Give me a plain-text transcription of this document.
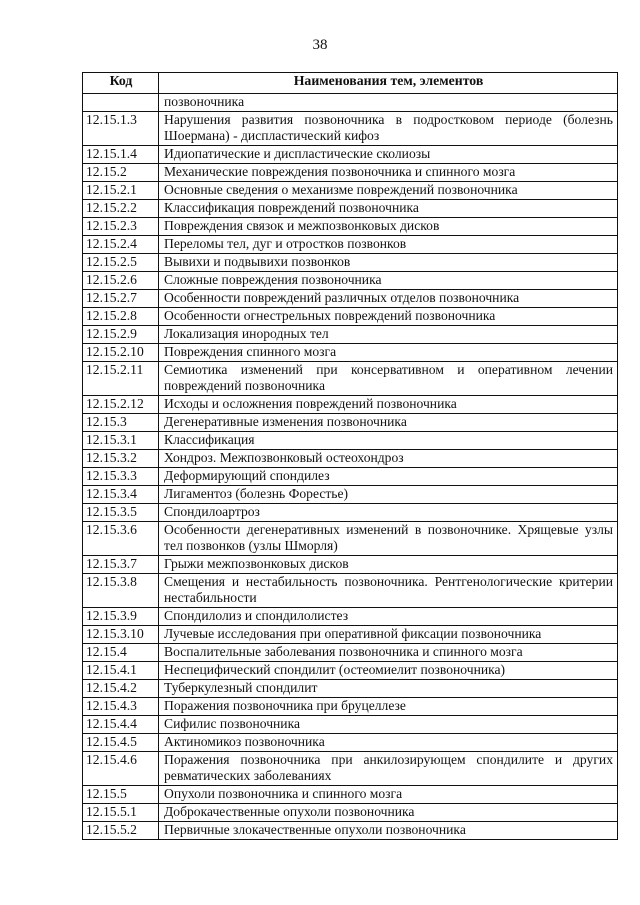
38
Код	Наименования тем, элементов
	позвоночника
12.15.1.3	Нарушения развития позвоночника в подростковом периоде (болезнь Шоермана) - диспластический кифоз
12.15.1.4	Идиопатические и диспластические сколиозы
12.15.2	Механические повреждения позвоночника и спинного мозга
12.15.2.1	Основные сведения о механизме повреждений позвоночника
12.15.2.2	Классификация повреждений позвоночника
12.15.2.3	Повреждения связок и межпозвонковых дисков
12.15.2.4	Переломы тел, дуг и отростков позвонков
12.15.2.5	Вывихи и подвывихи позвонков
12.15.2.6	Сложные повреждения позвоночника
12.15.2.7	Особенности повреждений различных отделов позвоночника
12.15.2.8	Особенности огнестрельных повреждений позвоночника
12.15.2.9	Локализация инородных тел
12.15.2.10	Повреждения спинного мозга
12.15.2.11	Семиотика изменений при консервативном и оперативном лечении повреждений позвоночника
12.15.2.12	Исходы и осложнения повреждений позвоночника
12.15.3	Дегенеративные изменения позвоночника
12.15.3.1	Классификация
12.15.3.2	Хондроз. Межпозвонковый остеохондроз
12.15.3.3	Деформирующий спондилез
12.15.3.4	Лигаментоз (болезнь Форестье)
12.15.3.5	Спондилоартроз
12.15.3.6	Особенности дегенеративных изменений в позвоночнике. Хрящевые узлы тел позвонков (узлы Шморля)
12.15.3.7	Грыжи межпозвонковых дисков
12.15.3.8	Смещения и нестабильность позвоночника. Рентгенологические критерии нестабильности
12.15.3.9	Спондилолиз и спондилолистез
12.15.3.10	Лучевые исследования при оперативной фиксации позвоночника
12.15.4	Воспалительные заболевания позвоночника и спинного мозга
12.15.4.1	Неспецифический спондилит (остеомиелит позвоночника)
12.15.4.2	Туберкулезный спондилит
12.15.4.3	Поражения позвоночника при бруцеллезе
12.15.4.4	Сифилис позвоночника
12.15.4.5	Актиномикоз позвоночника
12.15.4.6	Поражения позвоночника при анкилозирующем спондилите и других ревматических заболеваниях
12.15.5	Опухоли позвоночника и спинного мозга
12.15.5.1	Доброкачественные опухоли позвоночника
12.15.5.2	Первичные злокачественные опухоли позвоночника
